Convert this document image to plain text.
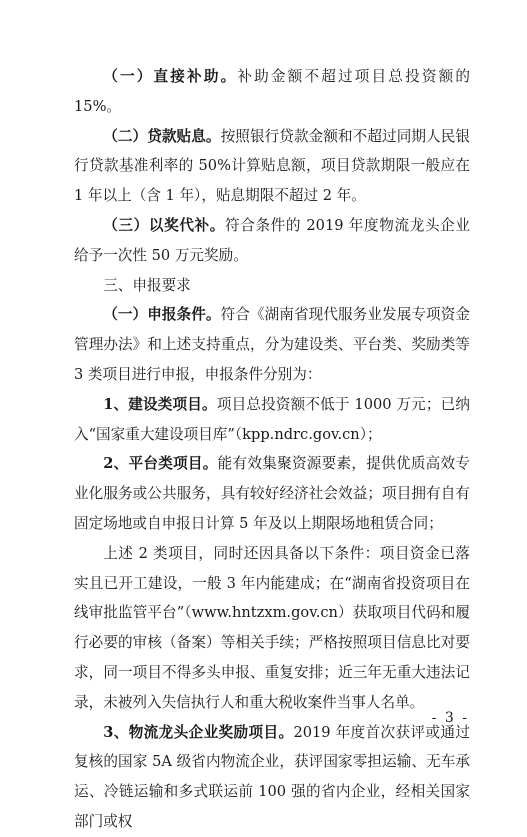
（一）直接补助。补助金额不超过项目总投资额的 15%。

（二）贷款贴息。按照银行贷款金额和不超过同期人民银行贷款基准利率的 50%计算贴息额，项目贷款期限一般应在 1 年以上（含 1 年），贴息期限不超过 2 年。

（三）以奖代补。符合条件的 2019 年度物流龙头企业给予一次性 50 万元奖励。

三、申报要求

（一）申报条件。符合《湖南省现代服务业发展专项资金管理办法》和上述支持重点，分为建设类、平台类、奖励类等 3 类项目进行申报，申报条件分别为：

1、建设类项目。项目总投资额不低于 1000 万元；已纳入“国家重大建设项目库”（kpp.ndrc.gov.cn）；

2、平台类项目。能有效集聚资源要素，提供优质高效专业化服务或公共服务，具有较好经济社会效益；项目拥有自有固定场地或自申报日计算 5 年及以上期限场地租赁合同；

上述 2 类项目，同时还因具备以下条件：项目资金已落实且已开工建设，一般 3 年内能建成；在“湖南省投资项目在线审批监管平台”（www.hntzxm.gov.cn）获取项目代码和履行必要的审核（备案）等相关手续；严格按照项目信息比对要求，同一项目不得多头申报、重复安排；近三年无重大违法记录，未被列入失信执行人和重大税收案件当事人名单。

3、物流龙头企业奖励项目。2019 年度首次获评或通过复核的国家 5A 级省内物流企业，获评国家零担运输、无车承运、冷链运输和多式联运前 100 强的省内企业，经相关国家部门或权

- 3 -
